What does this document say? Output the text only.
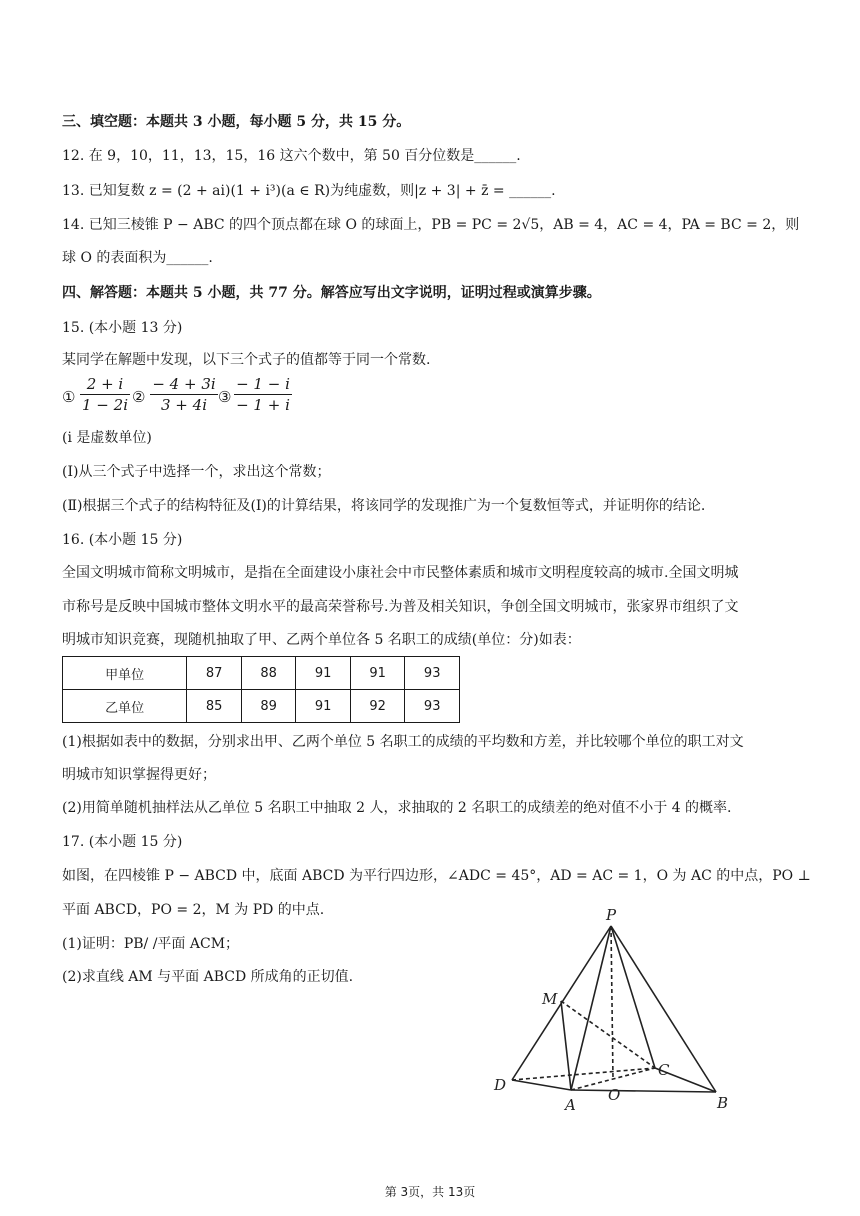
三、填空题：本题共 3 小题，每小题 5 分，共 15 分。
12. 在 9，10，11，13，15，16 这六个数中，第 50 百分位数是______.
13. 已知复数 z = (2 + ai)(1 + i³)(a ∈ R)为纯虚数，则|z + 3| + z̄ = ______.
14. 已知三棱锥 P − ABC 的四个顶点都在球 O 的球面上，PB = PC = 2√5，AB = 4，AC = 4，PA = BC = 2，则
球 O 的表面积为______.
四、解答题：本题共 5 小题，共 77 分。解答应写出文字说明，证明过程或演算步骤。
15. (本小题 13 分)
某同学在解题中发现，以下三个式子的值都等于同一个常数.
① $\frac{2 + i}{1 - 2i}$ ② $\frac{- 4 + 3i}{3 + 4i}$ ③ $\frac{- 1 - i}{- 1 + i}$
(i 是虚数单位)
(Ⅰ)从三个式子中选择一个，求出这个常数；
(Ⅱ)根据三个式子的结构特征及(Ⅰ)的计算结果，将该同学的发现推广为一个复数恒等式，并证明你的结论.
16. (本小题 15 分)
全国文明城市简称文明城市，是指在全面建设小康社会中市民整体素质和城市文明程度较高的城市.全国文明城
市称号是反映中国城市整体文明水平的最高荣誉称号.为普及相关知识，争创全国文明城市，张家界市组织了文
明城市知识竞赛，现随机抽取了甲、乙两个单位各 5 名职工的成绩(单位：分)如表：
甲单位	87	88	91	91	93
乙单位	85	89	91	92	93
(1)根据如表中的数据，分别求出甲、乙两个单位 5 名职工的成绩的平均数和方差，并比较哪个单位的职工对文
明城市知识掌握得更好；
(2)用简单随机抽样法从乙单位 5 名职工中抽取 2 人，求抽取的 2 名职工的成绩差的绝对值不小于 4 的概率.
17. (本小题 15 分)
如图，在四棱锥 P − ABCD 中，底面 ABCD 为平行四边形，∠ADC = 45°，AD = AC = 1，O 为 AC 的中点，PO ⊥
平面 ABCD，PO = 2，M 为 PD 的中点.
(1)证明：PB/ /平面 ACM；
(2)求直线 AM 与平面 ABCD 所成角的正切值.
P
M
C
D
O
A	B
第 3页，共 13页
